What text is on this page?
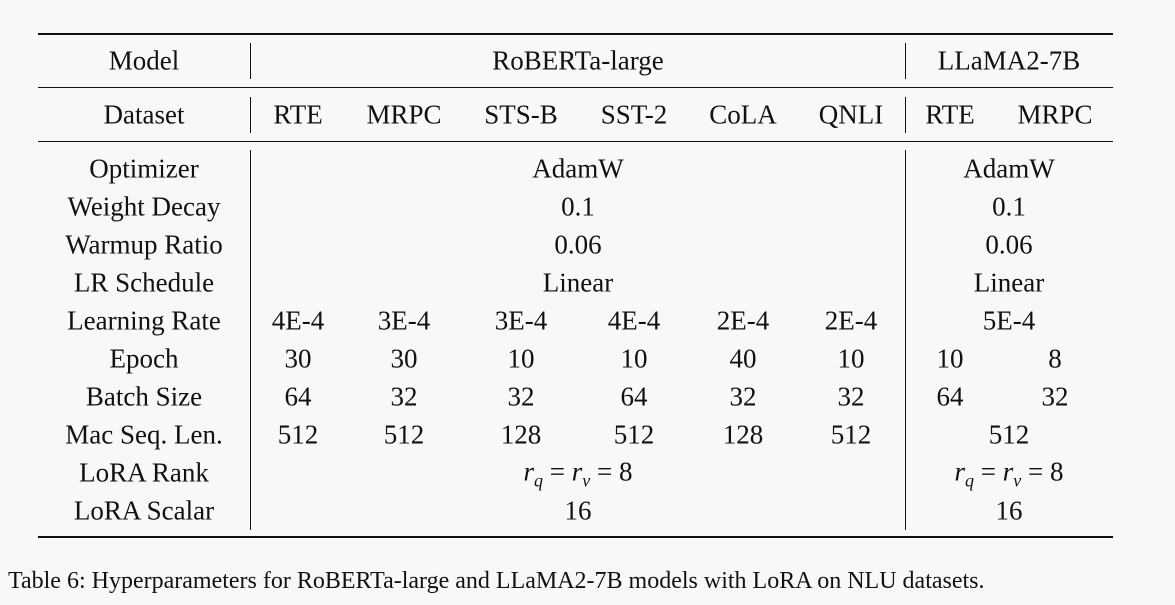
Model	RoBERTa-large	LLaMA2-7B
Dataset	RTE MRPC STS-B SST-2 CoLA QNLI RTE MRPC
Optimizer	AdamW	AdamW
Weight Decay	0.1	0.1
Warmup Ratio	0.06	0.06
LR Schedule	Linear	Linear
Learning Rate 4E-4 3E-4 3E-4 4E-4 2E-4 2E-4	5E-4
Epoch	30	30	10	10	40	10	10	8
Batch Size	64	32	32	64	32	32	64	32
Mac Seq. Len. 512 512	128	512	128	512	512
LoRA Rank	$r_q = r_v = 8$	$r_q = r_v = 8$
LoRA Scalar	16	16
Table 6: Hyperparameters for RoBERTa-large and LLaMA2-7B models with LoRA on NLU datasets.
